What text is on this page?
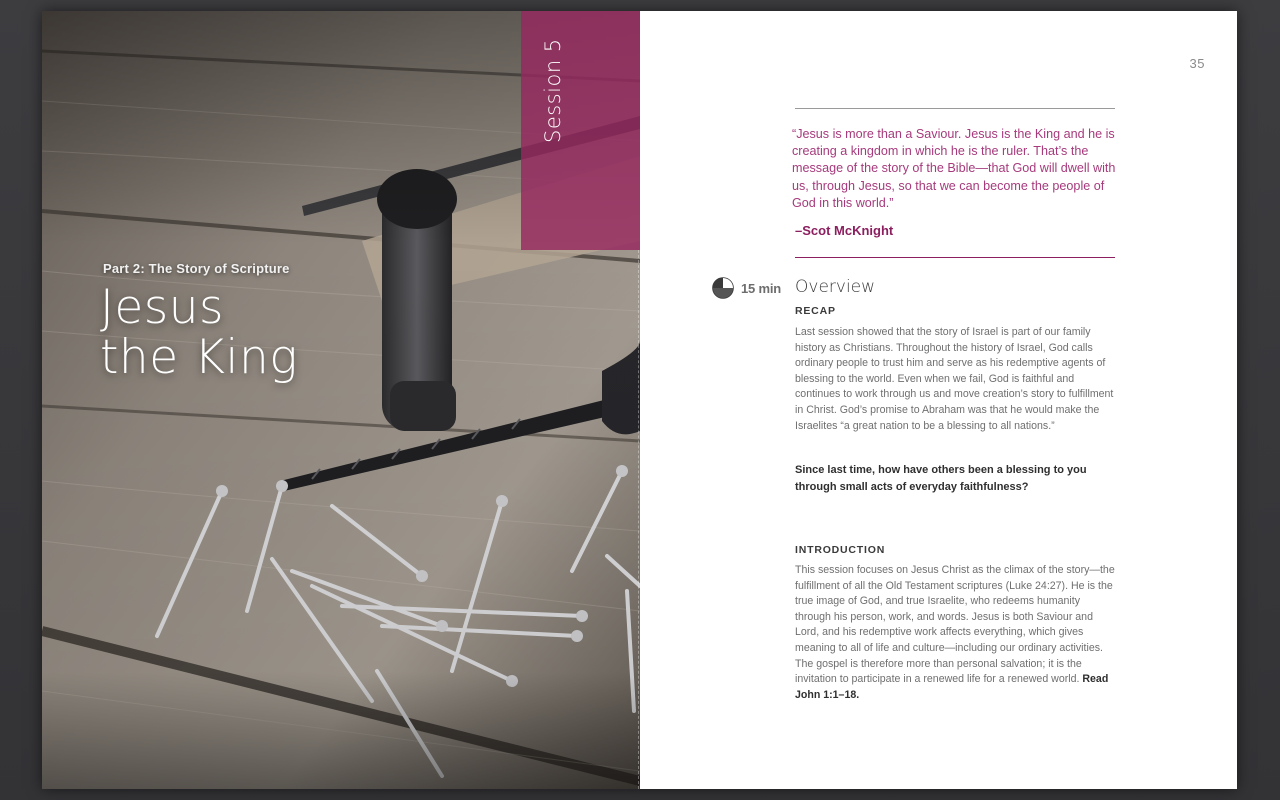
Session 5
Part 2: The Story of Scripture
Jesus
the King
35
“Jesus is more than a Saviour. Jesus is the King and he is creating a kingdom in which he is the ruler. That’s the message of the story of the Bible—that God will dwell with us, through Jesus, so that we can become the people of God in this world.”
–Scot McKnight
15 min Overview
RECAP
Last session showed that the story of Israel is part of our family history as Christians. Throughout the history of Israel, God calls ordinary people to trust him and serve as his redemptive agents of blessing to the world. Even when we fail, God is faithful and continues to work through us and move creation’s story to fulfillment in Christ. God’s promise to Abraham was that he would make the Israelites “a great nation to be a blessing to all nations.”
Since last time, how have others been a blessing to you through small acts of everyday faithfulness?
INTRODUCTION
This session focuses on Jesus Christ as the climax of the story—the fulfillment of all the Old Testament scriptures (Luke 24:27). He is the true image of God, and true Israelite, who redeems humanity through his person, work, and words. Jesus is both Saviour and Lord, and his redemptive work affects everything, which gives meaning to all of life and culture—including our ordinary activities. The gospel is therefore more than personal salvation; it is the invitation to participate in a renewed life for a renewed world. Read John 1:1–18.
